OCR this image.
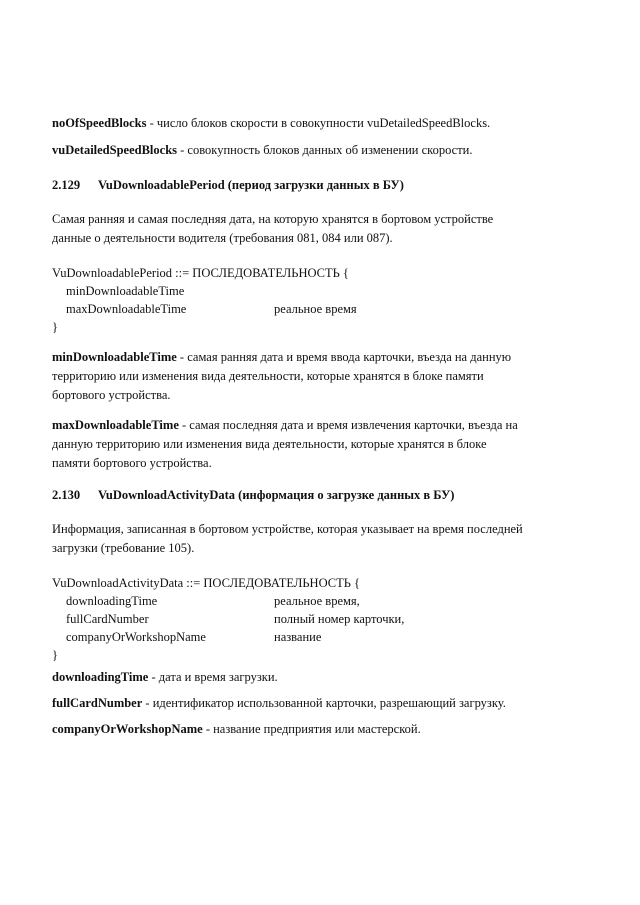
noOfSpeedBlocks - число блоков скорости в совокупности vuDetailedSpeedBlocks.

vuDetailedSpeedBlocks - совокупность блоков данных об изменении скорости.

2.129	VuDownloadablePeriod (период загрузки данных в БУ)

Самая ранняя и самая последняя дата, на которую хранятся в бортовом устройстве данные о деятельности водителя (требования 081, 084 или 087).

VuDownloadablePeriod ::= ПОСЛЕДОВАТЕЛЬНОСТЬ {
minDownloadableTime
maxDownloadableTime	реальное время
}

minDownloadableTime - самая ранняя дата и время ввода карточки, въезда на данную территорию или изменения вида деятельности, которые хранятся в блоке памяти бортового устройства.

maxDownloadableTime - самая последняя дата и время извлечения карточки, въезда на данную территорию или изменения вида деятельности, которые хранятся в блоке памяти бортового устройства.

2.130	VuDownloadActivityData (информация о загрузке данных в БУ)

Информация, записанная в бортовом устройстве, которая указывает на время последней загрузки (требование 105).

VuDownloadActivityData ::= ПОСЛЕДОВАТЕЛЬНОСТЬ {
downloadingTime	реальное время,
fullCardNumber	полный номер карточки,
companyOrWorkshopName	название
}

downloadingTime - дата и время загрузки.

fullCardNumber - идентификатор использованной карточки, разрешающий загрузку.

companyOrWorkshopName - название предприятия или мастерской.
